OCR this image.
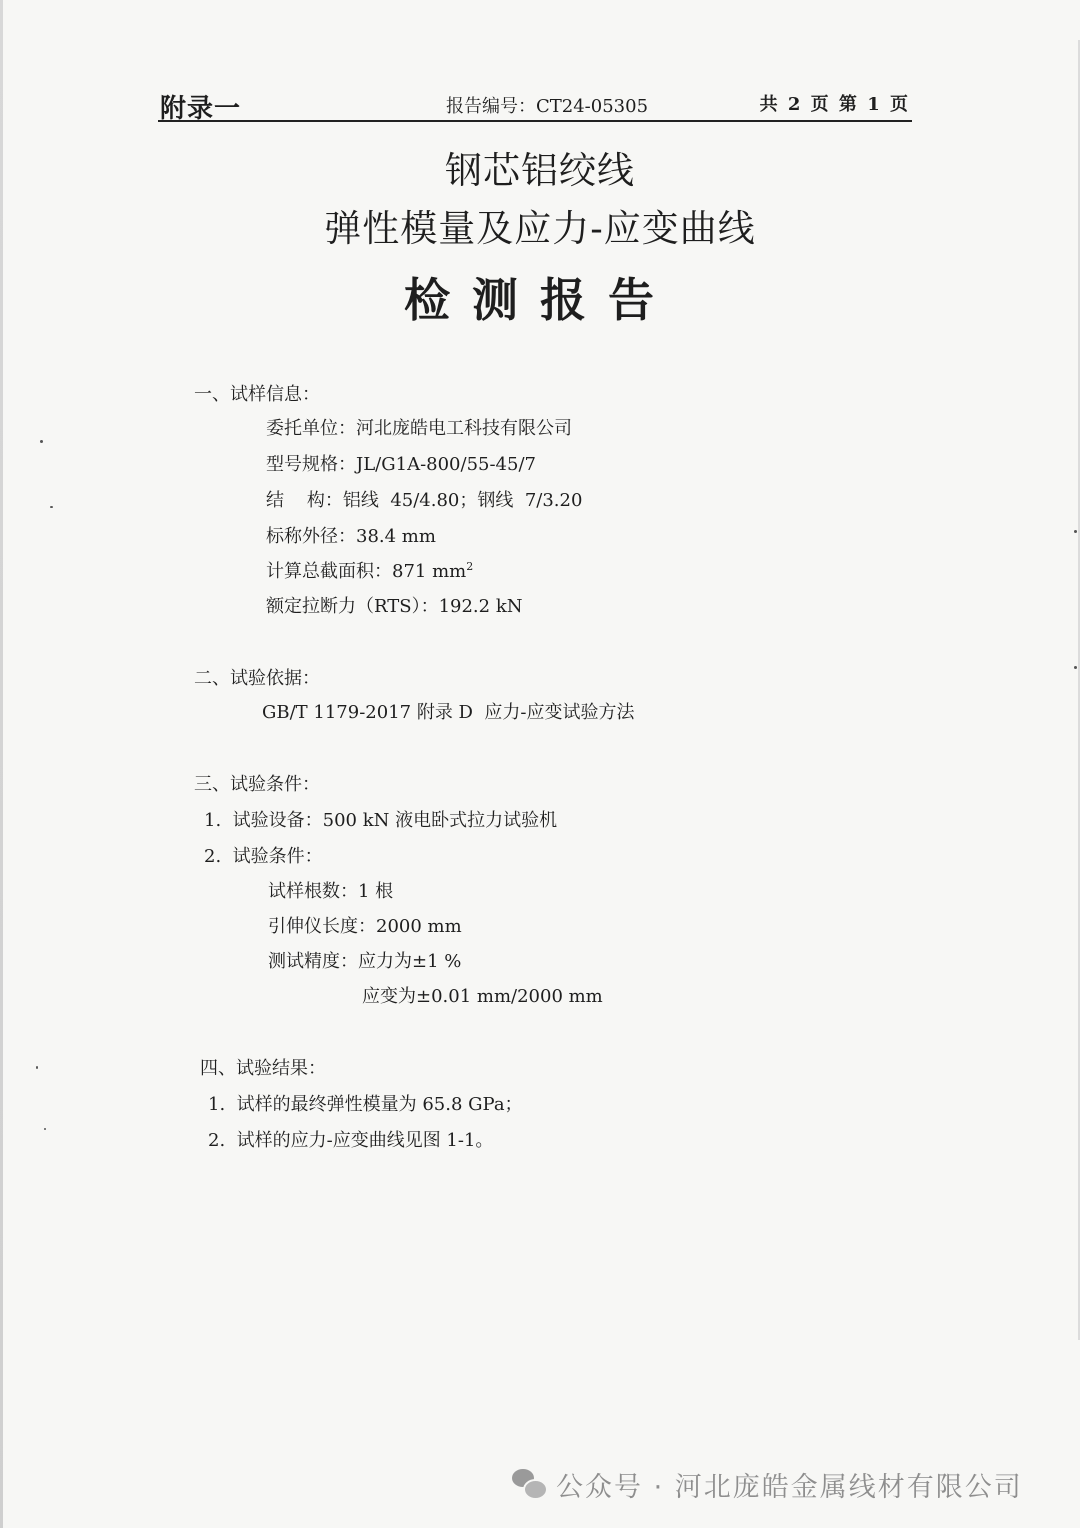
附录一	报告编号：CT24-05305	共 2 页 第 1 页
钢芯铝绞线
弹性模量及应力-应变曲线
检测报告
一、试样信息：
委托单位：河北庞皓电工科技有限公司
型号规格：JL/G1A-800/55-45/7
结    构：铝线  45/4.80；钢线  7/3.20
标称外径：38.4 mm
计算总截面积：871 $mm^2$
额定拉断力（RTS）：192.2 kN
二、试验依据：
GB/T 1179-2017 附录 D  应力-应变试验方法
三、试验条件：
1.  试验设备：500 kN 液电卧式拉力试验机
2.  试验条件：
试样根数：1 根
引伸仪长度：2000 mm
测试精度：应力为±1 %
应变为±0.01 mm/2000 mm
四、试验结果：
1.  试样的最终弹性模量为 65.8 GPa；
2.  试样的应力-应变曲线见图 1-1。
公众号 · 河北庞皓金属线材有限公司
